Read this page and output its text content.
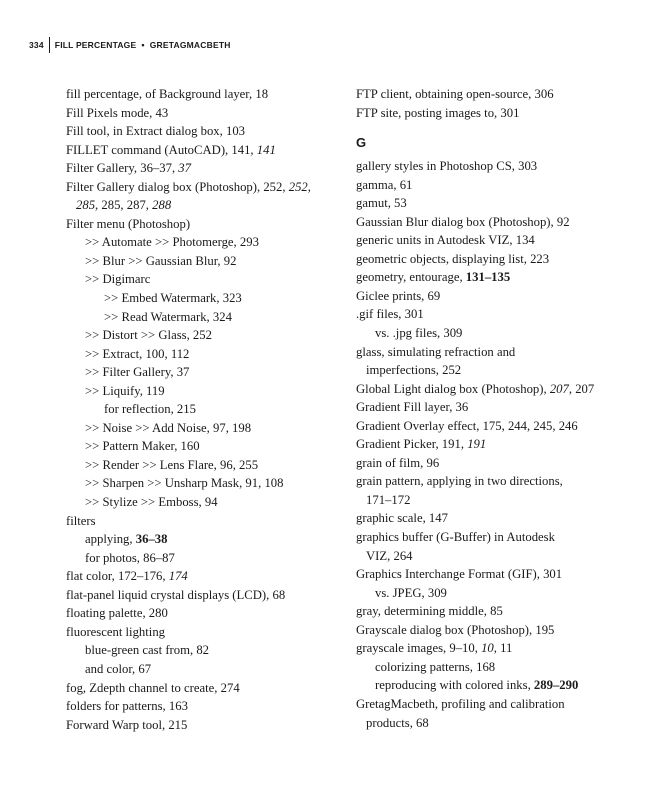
334	FILL PERCENTAGE • GRETAGMACBETH
fill percentage, of Background layer, 18
Fill Pixels mode, 43
Fill tool, in Extract dialog box, 103
FILLET command (AutoCAD), 141, 141
Filter Gallery, 36–37, 37
Filter Gallery dialog box (Photoshop), 252, 252,
285, 285, 287, 288
Filter menu (Photoshop)
>> Automate >> Photomerge, 293
>> Blur >> Gaussian Blur, 92
>> Digimarc
>> Embed Watermark, 323
>> Read Watermark, 324
>> Distort >> Glass, 252
>> Extract, 100, 112
>> Filter Gallery, 37
>> Liquify, 119
for reflection, 215
>> Noise >> Add Noise, 97, 198
>> Pattern Maker, 160
>> Render >> Lens Flare, 96, 255
>> Sharpen >> Unsharp Mask, 91, 108
>> Stylize >> Emboss, 94
filters
applying, 36–38
for photos, 86–87
flat color, 172–176, 174
flat-panel liquid crystal displays (LCD), 68
floating palette, 280
fluorescent lighting
blue-green cast from, 82
and color, 67
fog, Zdepth channel to create, 274
folders for patterns, 163
Forward Warp tool, 215
FTP client, obtaining open-source, 306
FTP site, posting images to, 301
G
gallery styles in Photoshop CS, 303
gamma, 61
gamut, 53
Gaussian Blur dialog box (Photoshop), 92
generic units in Autodesk VIZ, 134
geometric objects, displaying list, 223
geometry, entourage, 131–135
Giclee prints, 69
.gif files, 301
vs. .jpg files, 309
glass, simulating refraction and
imperfections, 252
Global Light dialog box (Photoshop), 207, 207
Gradient Fill layer, 36
Gradient Overlay effect, 175, 244, 245, 246
Gradient Picker, 191, 191
grain of film, 96
grain pattern, applying in two directions,
171–172
graphic scale, 147
graphics buffer (G-Buffer) in Autodesk
VIZ, 264
Graphics Interchange Format (GIF), 301
vs. JPEG, 309
gray, determining middle, 85
Grayscale dialog box (Photoshop), 195
grayscale images, 9–10, 10, 11
colorizing patterns, 168
reproducing with colored inks, 289–290
GretagMacbeth, profiling and calibration
products, 68
